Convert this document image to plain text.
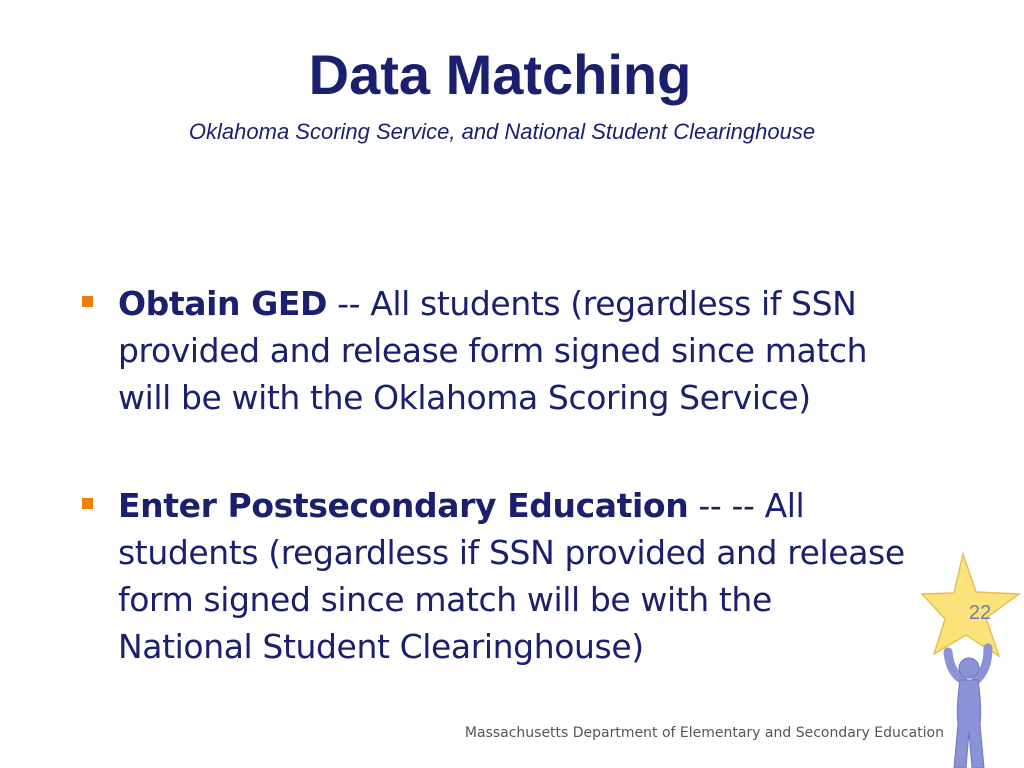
Data Matching
Oklahoma Scoring Service, and National Student Clearinghouse
Obtain GED -- All students (regardless if SSN provided and release form signed since match will be with the Oklahoma Scoring Service)
Enter Postsecondary Education -- -- All students (regardless if SSN provided and release form signed since match will be with the National Student Clearinghouse)
22
Massachusetts Department of Elementary and Secondary Education
